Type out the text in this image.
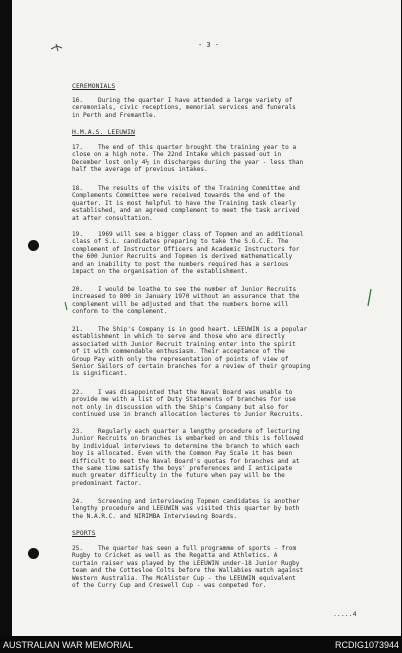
- 3 -
CEREMONIALS

16. During the quarter I have attended a large variety of

ceremonials, civic receptions, memorial services and funerals

in Perth and Fremantle.

H.M.A.S. LEEUWIN

17. The end of this quarter brought the training year to a

close on a high note. The 22nd Intake which passed out in

December lost only 4½ in discharges during the year - less than

half the average of previous intakes.

18. The results of the visits of the Training Committee and

Complements Committee were received towards the end of the

quarter. It is most helpful to have the Training task clearly

established, and an agreed complement to meet the task arrived

at after consultation.

19. 1969 will see a bigger class of Topmen and an additional

class of S.L. candidates preparing to take the S.G.C.E. The

complement of Instructor Officers and Academic Instructors for

the 600 Junior Recruits and Topmen is derived mathematically

and an inability to post the numbers required has a serious

impact on the organisation of the establishment.

20. I would be loathe to see the number of Junior Recruits

increased to 800 in January 1970 without an assurance that the

complement will be adjusted and that the numbers borne will

conform to the complement.

21. The Ship's Company is in good heart. LEEUWIN is a popular

establishment in which to serve and those who are directly

associated with Junior Recruit training enter into the spirit

of it with commendable enthusiasm. Their acceptance of the

Group Pay with only the representation of points of view of

Senior Sailors of certain branches for a review of their grouping

is significant.

22. I was disappointed that the Naval Board was unable to

provide me with a list of Duty Statements of branches for use

not only in discussion with the Ship's Company but also for

continued use in branch allocation lectures to Junior Recruits.

23. Regularly each quarter a lengthy procedure of lecturing

Junior Recruits on branches is embarked on and this is followed

by individual interviews to determine the branch to which each

boy is allocated. Even with the Common Pay Scale it has been

difficult to meet the Naval Board's quotas for branches and at

the same time satisfy the boys' preferences and I anticipate

much greater difficulty in the future when pay will be the

predominant factor.

24. Screening and interviewing Topmen candidates is another

lengthy procedure and LEEUWIN was visited this quarter by both

the N.A.R.C. and NIRIMBA Interviewing Boards.

SPORTS

25. The quarter has seen a full programme of sports - from

Rugby to Cricket as well as the Regatta and Athletics. A

curtain raiser was played by the LEEUWIN under-18 Junior Rugby

team and the Cottesloe Colts before the Wallabies match against

Western Australia. The McAlister Cup - the LEEUWIN equivalent

of the Curry Cup and Creswell Cup - was competed for.

.....4
AUSTRALIAN WAR MEMORIAL	RCDIG1073944
